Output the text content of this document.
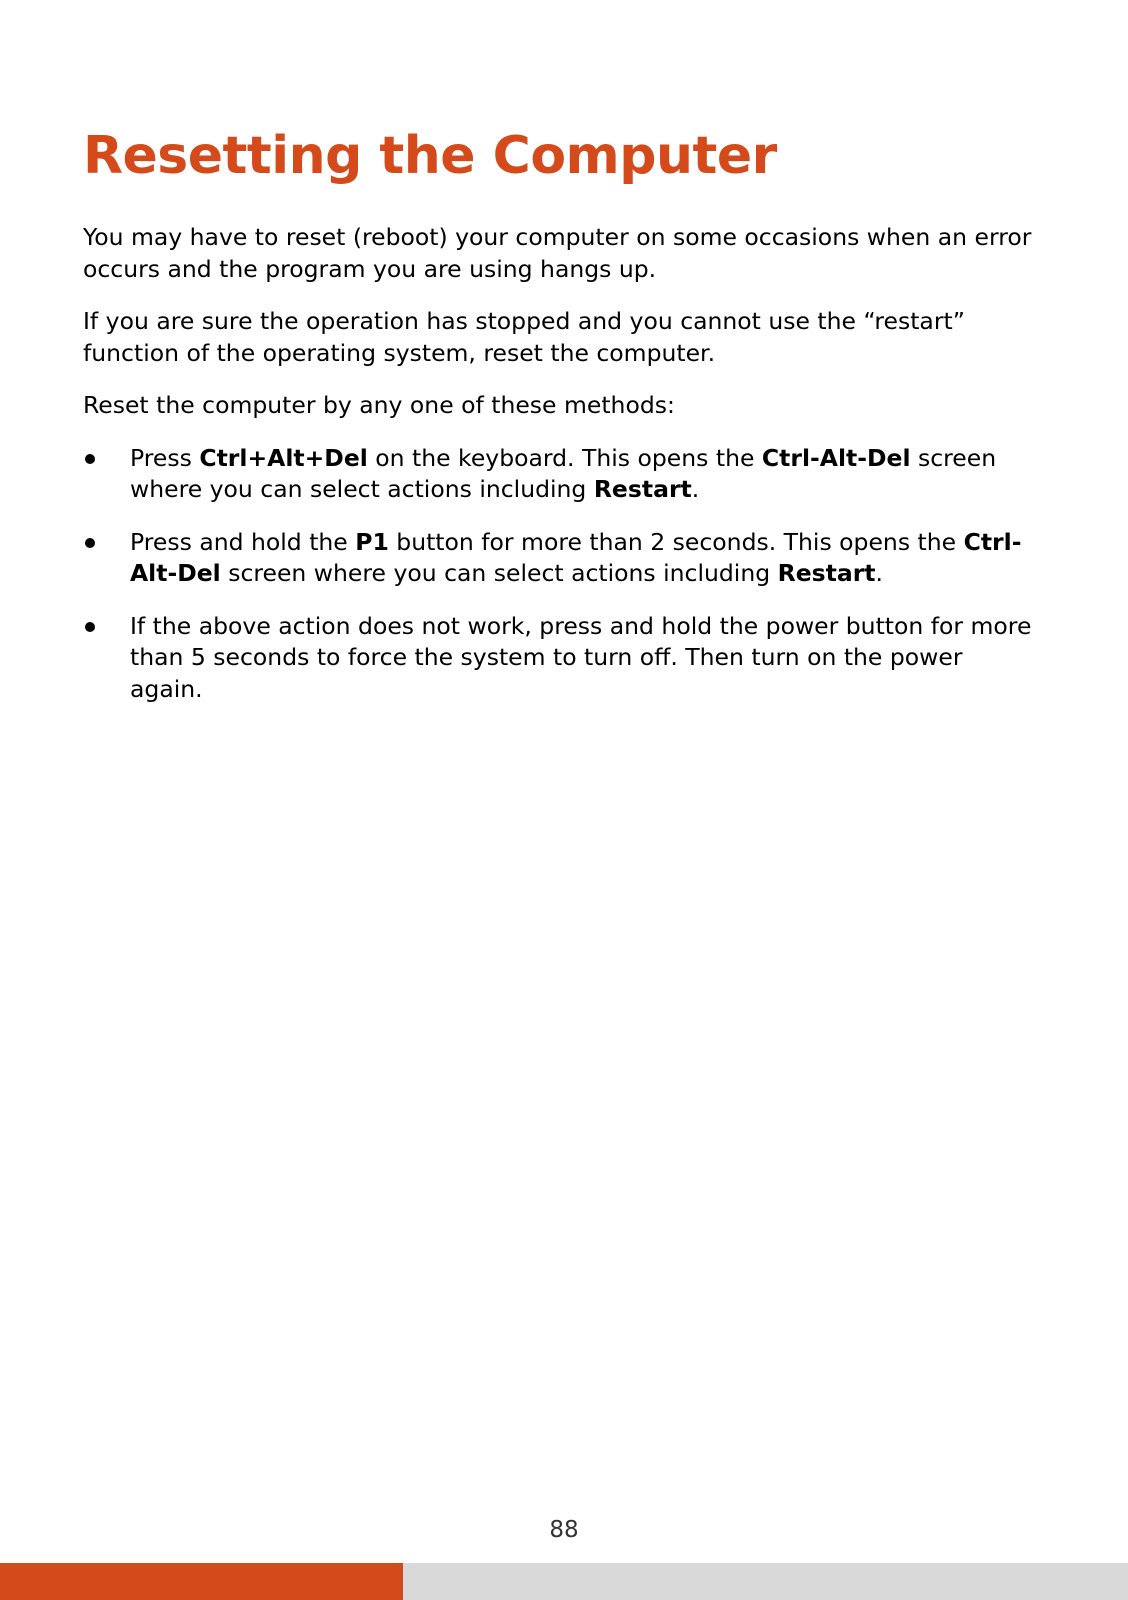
Resetting the Computer

You may have to reset (reboot) your computer on some occasions when an error occurs and the program you are using hangs up.

If you are sure the operation has stopped and you cannot use the “restart” function of the operating system, reset the computer.

Reset the computer by any one of these methods:

Press Ctrl+Alt+Del on the keyboard. This opens the Ctrl-Alt-Del screen where you can select actions including Restart.
Press and hold the P1 button for more than 2 seconds. This opens the Ctrl-Alt-Del screen where you can select actions including Restart.
If the above action does not work, press and hold the power button for more than 5 seconds to force the system to turn off. Then turn on the power again.
88
